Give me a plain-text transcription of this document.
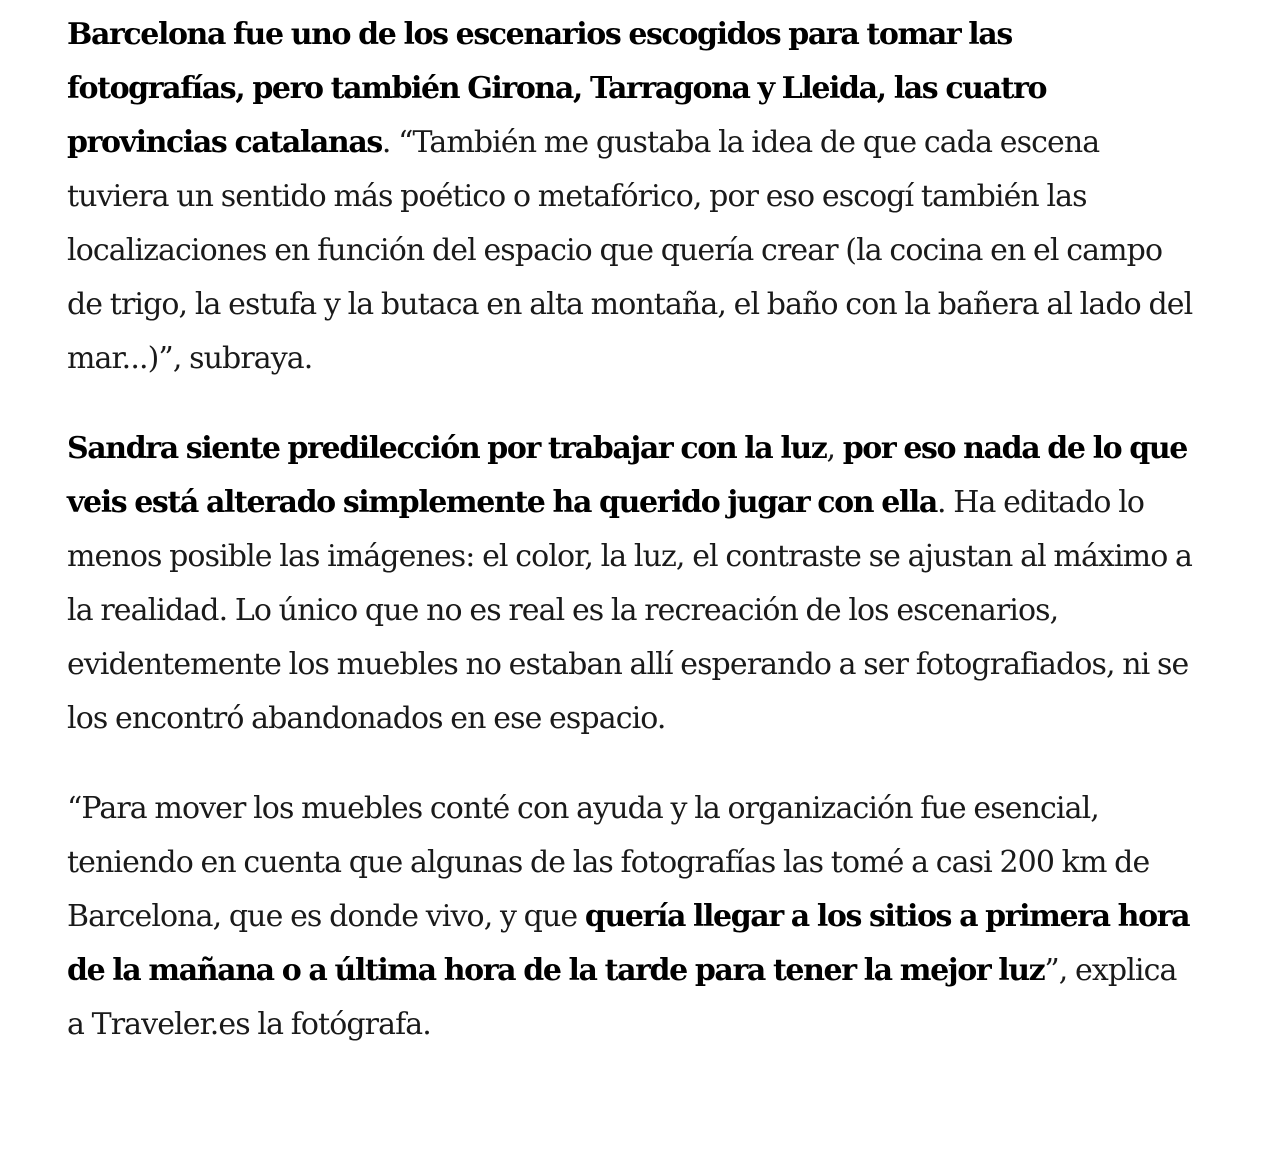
Barcelona fue uno de los escenarios escogidos para tomar las fotografías, pero también Girona, Tarragona y Lleida, las cuatro provincias catalanas. “También me gustaba la idea de que cada escena tuviera un sentido más poético o metafórico, por eso escogí también las localizaciones en función del espacio que quería crear (la cocina en el campo de trigo, la estufa y la butaca en alta montaña, el baño con la bañera al lado del mar...)”, subraya.

Sandra siente predilección por trabajar con la luz, por eso nada de lo que veis está alterado simplemente ha querido jugar con ella. Ha editado lo menos posible las imágenes: el color, la luz, el contraste se ajustan al máximo a la realidad. Lo único que no es real es la recreación de los escenarios, evidentemente los muebles no estaban allí esperando a ser fotografiados, ni se los encontró abandonados en ese espacio.

“Para mover los muebles conté con ayuda y la organización fue esencial, teniendo en cuenta que algunas de las fotografías las tomé a casi 200 km de Barcelona, que es donde vivo, y que quería llegar a los sitios a primera hora de la mañana o a última hora de la tarde para tener la mejor luz”, explica a Traveler.es la fotógrafa.
